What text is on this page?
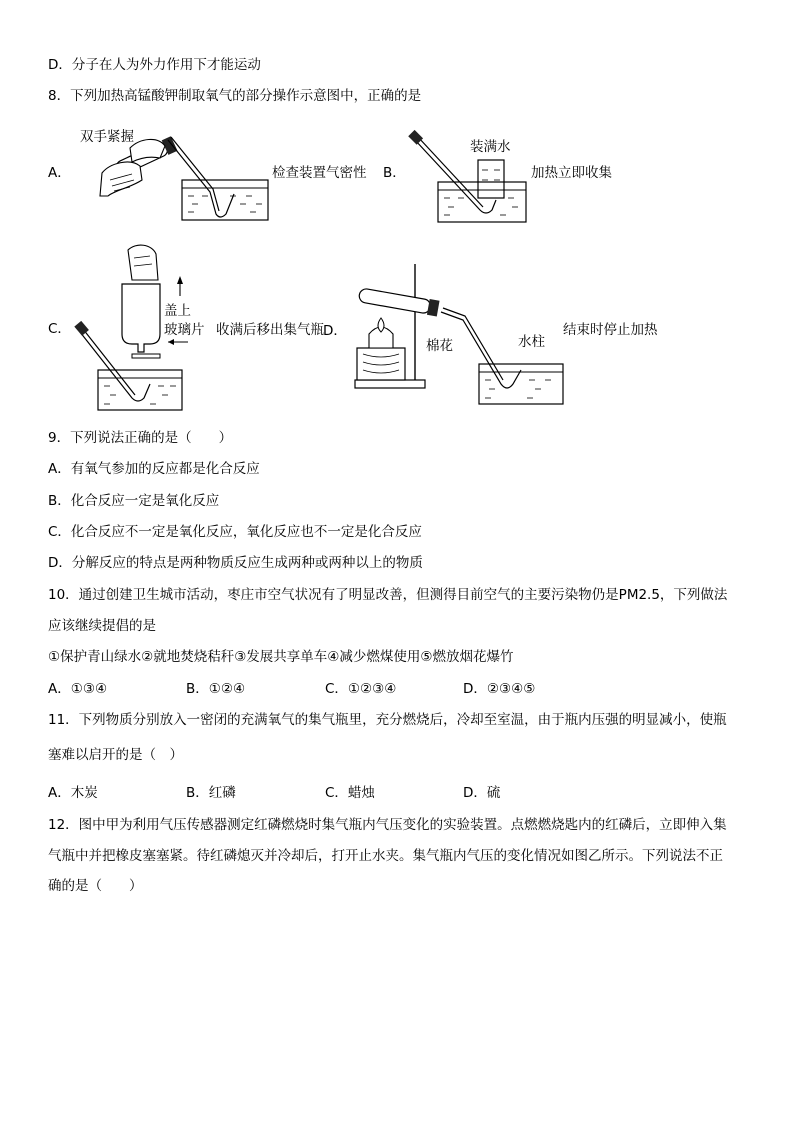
D．分子在人为外力作用下才能运动
8．下列加热高锰酸钾制取氧气的部分操作示意图中，正确的是
A．
双手紧握
检查装置气密性 B．
装满水
加热立即收集
C．
盖上
玻璃片 收满后移出集气瓶 D．
棉花	水柱
结束时停止加热
9．下列说法正确的是（　　）
A．有氧气参加的反应都是化合反应
B．化合反应一定是氧化反应
C．化合反应不一定是氧化反应，氧化反应也不一定是化合反应
D．分解反应的特点是两种物质反应生成两种或两种以上的物质
10．通过创建卫生城市活动，枣庄市空气状况有了明显改善，但测得目前空气的主要污染物仍是PM2.5，下列做法
应该继续提倡的是
①保护青山绿水②就地焚烧秸秆③发展共享单车④减少燃煤使用⑤燃放烟花爆竹
A．①③④	B．①②④	C．①②③④	D．②③④⑤
11．下列物质分别放入一密闭的充满氧气的集气瓶里，充分燃烧后，冷却至室温，由于瓶内压强的明显减小，使瓶
塞难以启开的是（　）
A．木炭	B．红磷	C．蜡烛	D．硫
12．图中甲为利用气压传感器测定红磷燃烧时集气瓶内气压变化的实验装置。点燃燃烧匙内的红磷后，立即伸入集
气瓶中并把橡皮塞塞紧。待红磷熄灭并冷却后，打开止水夹。集气瓶内气压的变化情况如图乙所示。下列说法不正
确的是（　　）
